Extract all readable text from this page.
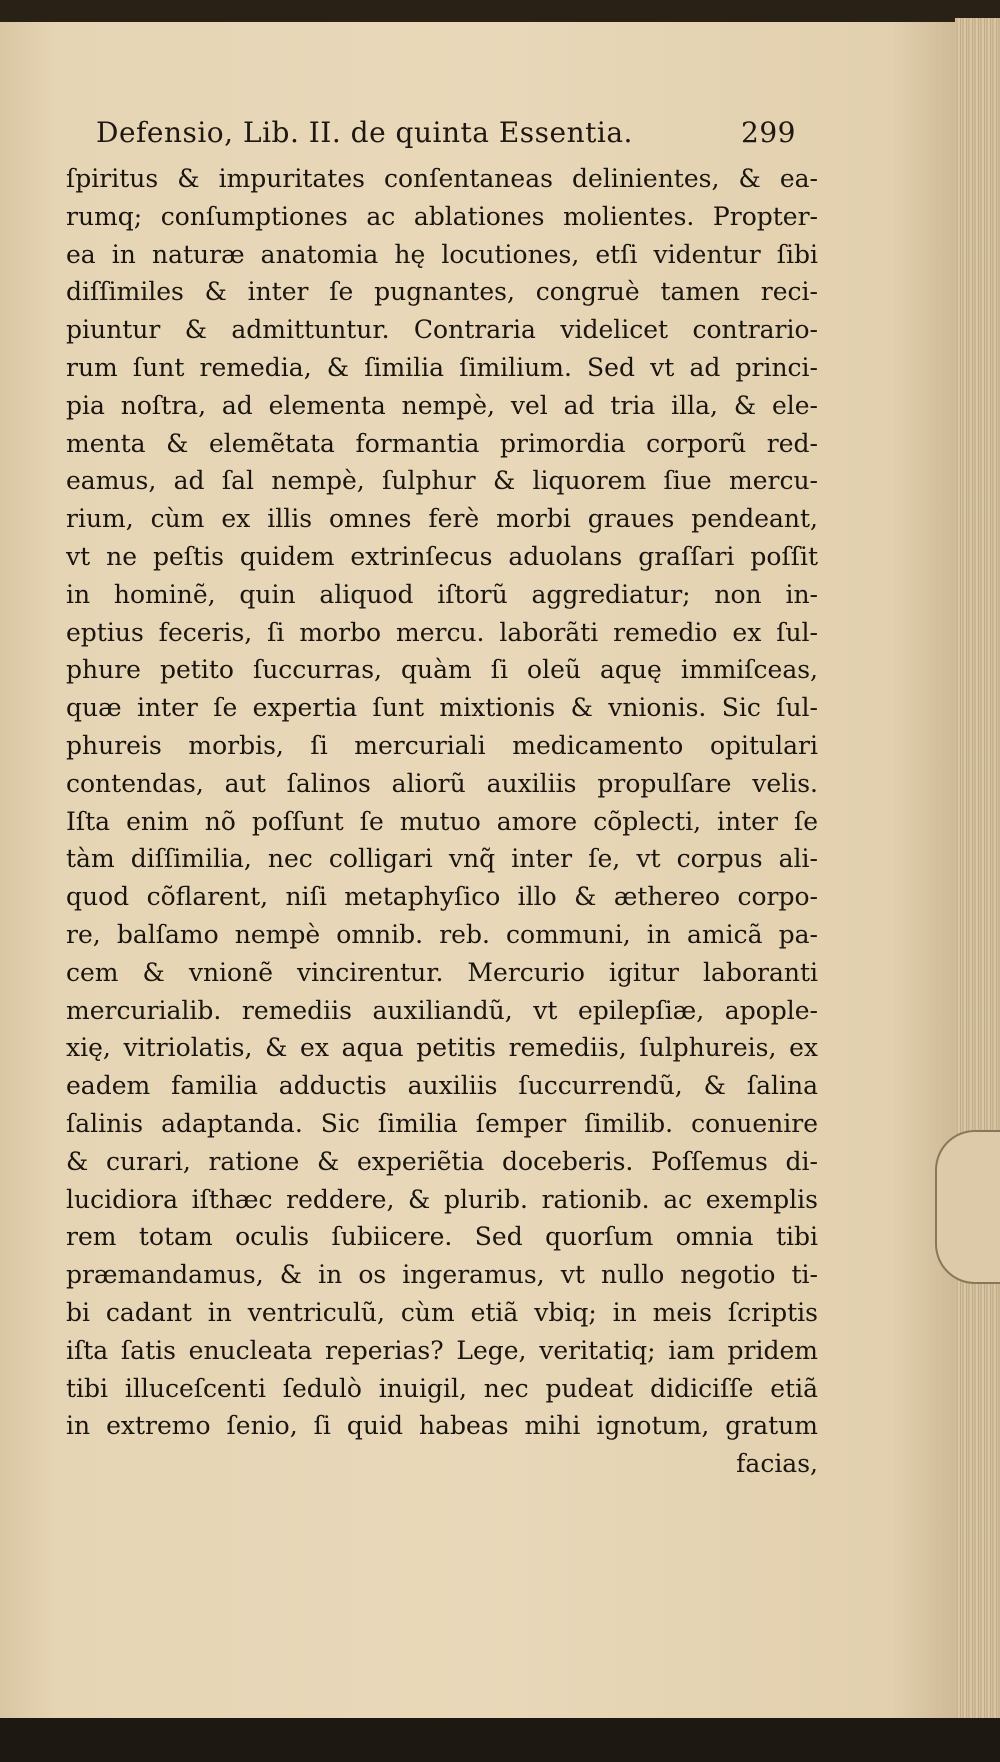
Defensio, Lib. II. de quinta Essentia.	299
ſpiritus & impuritates conſentaneas delinientes, & ea-
rumq; conſumptiones ac ablationes molientes. Propter-
ea in naturæ anatomia hę locutiones, etſi videntur ſibi
diſſimiles & inter ſe pugnantes, congruè tamen reci-
piuntur & admittuntur. Contraria videlicet contrario-
rum ſunt remedia, & ſimilia ſimilium. Sed vt ad princi-
pia noſtra, ad elementa nempè, vel ad tria illa, & ele-
menta & elemẽtata formantia primordia corporũ red-
eamus, ad ſal nempè, ſulphur & liquorem ſiue mercu-
rium, cùm ex illis omnes ferè morbi graues pendeant,
vt ne peſtis quidem extrinſecus aduolans graſſari poſſit
in hominẽ, quin aliquod iſtorũ aggrediatur; non in-
eptius feceris, ſi morbo mercu. laborãti remedio ex ſul-
phure petito ſuccurras, quàm ſi oleũ aquę immiſceas,
quæ inter ſe expertia ſunt mixtionis & vnionis. Sic ſul-
phureis morbis, ſi mercuriali medicamento opitulari
contendas, aut ſalinos aliorũ auxiliis propulſare velis.
Iſta enim nõ poſſunt ſe mutuo amore cõplecti, inter ſe
tàm diſſimilia, nec colligari vnq̃ inter ſe, vt corpus ali-
quod cõflarent, niſi metaphyſico illo & æthereo corpo-
re, balſamo nempè omnib. reb. communi, in amicã pa-
cem & vnionẽ vincirentur. Mercurio igitur laboranti
mercurialib. remediis auxiliandũ, vt epilepſiæ, apople-
xię, vitriolatis, & ex aqua petitis remediis, ſulphureis, ex
eadem familia adductis auxiliis ſuccurrendũ, & ſalina
ſalinis adaptanda. Sic ſimilia ſemper ſimilib. conuenire
& curari, ratione & experiẽtia doceberis. Poſſemus di-
lucidiora iſthæc reddere, & plurib. rationib. ac exemplis
rem totam oculis ſubiicere. Sed quorſum omnia tibi
præmandamus, & in os ingeramus, vt nullo negotio ti-
bi cadant in ventriculũ, cùm etiã vbiq; in meis ſcriptis
iſta ſatis enucleata reperias? Lege, veritatiq; iam pridem
tibi illuceſcenti ſedulò inuigil, nec pudeat didiciſſe etiã
in extremo ſenio, ſi quid habeas mihi ignotum, gratum
facias,
